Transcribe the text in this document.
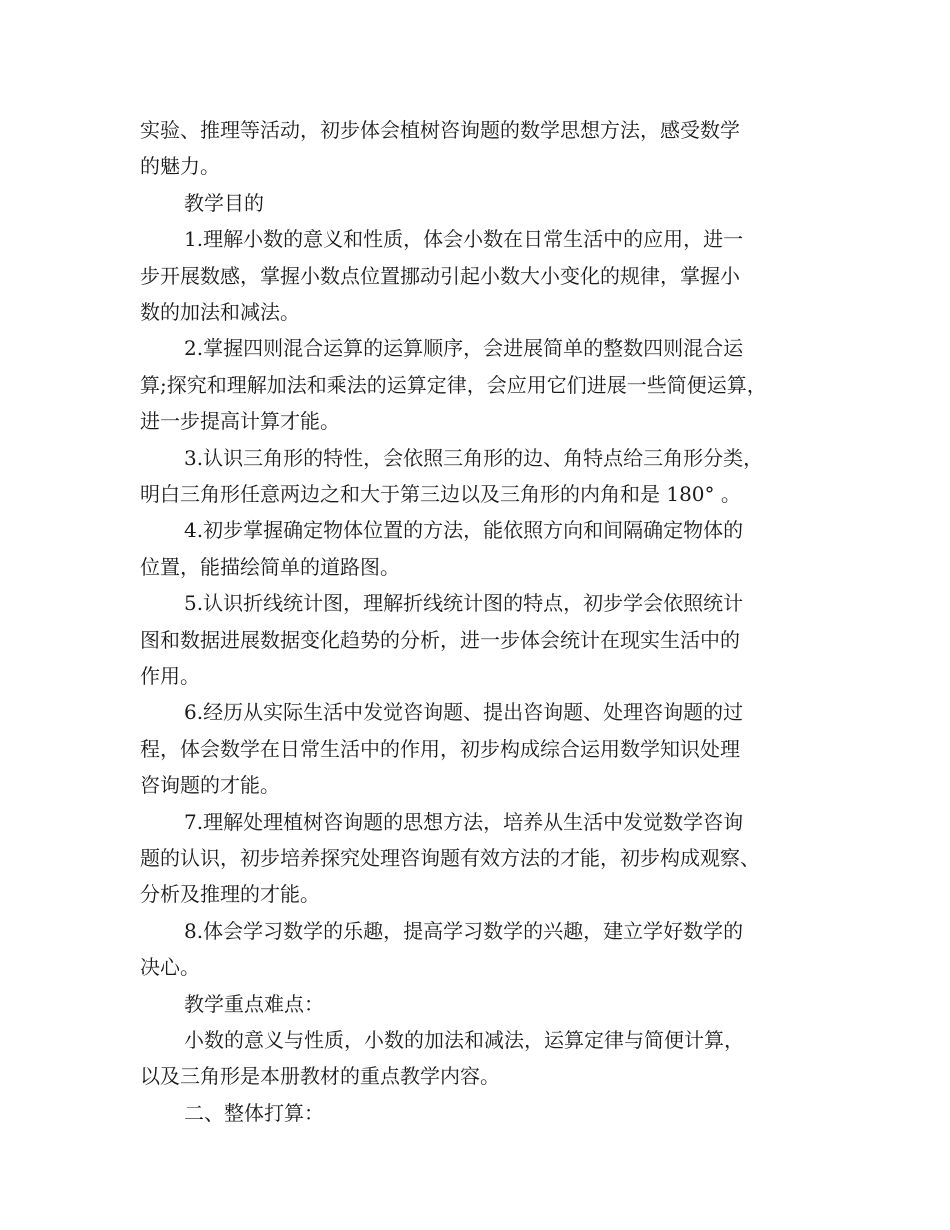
实验、推理等活动，初步体会植树咨询题的数学思想方法，感受数学
的魅力。
教学目的
1.理解小数的意义和性质，体会小数在日常生活中的应用，进一
步开展数感，掌握小数点位置挪动引起小数大小变化的规律，掌握小
数的加法和减法。
2.掌握四则混合运算的运算顺序，会进展简单的整数四则混合运
算;探究和理解加法和乘法的运算定律，会应用它们进展一些简便运算，
进一步提高计算才能。
3.认识三角形的特性，会依照三角形的边、角特点给三角形分类，
明白三角形任意两边之和大于第三边以及三角形的内角和是 180° 。
4.初步掌握确定物体位置的方法，能依照方向和间隔确定物体的
位置，能描绘简单的道路图。
5.认识折线统计图，理解折线统计图的特点，初步学会依照统计
图和数据进展数据变化趋势的分析，进一步体会统计在现实生活中的
作用。
6.经历从实际生活中发觉咨询题、提出咨询题、处理咨询题的过
程，体会数学在日常生活中的作用，初步构成综合运用数学知识处理
咨询题的才能。
7.理解处理植树咨询题的思想方法，培养从生活中发觉数学咨询
题的认识，初步培养探究处理咨询题有效方法的才能，初步构成观察、
分析及推理的才能。
8.体会学习数学的乐趣，提高学习数学的兴趣，建立学好数学的
决心。
教学重点难点：
小数的意义与性质，小数的加法和减法，运算定律与简便计算，
以及三角形是本册教材的重点教学内容。
二、整体打算：
